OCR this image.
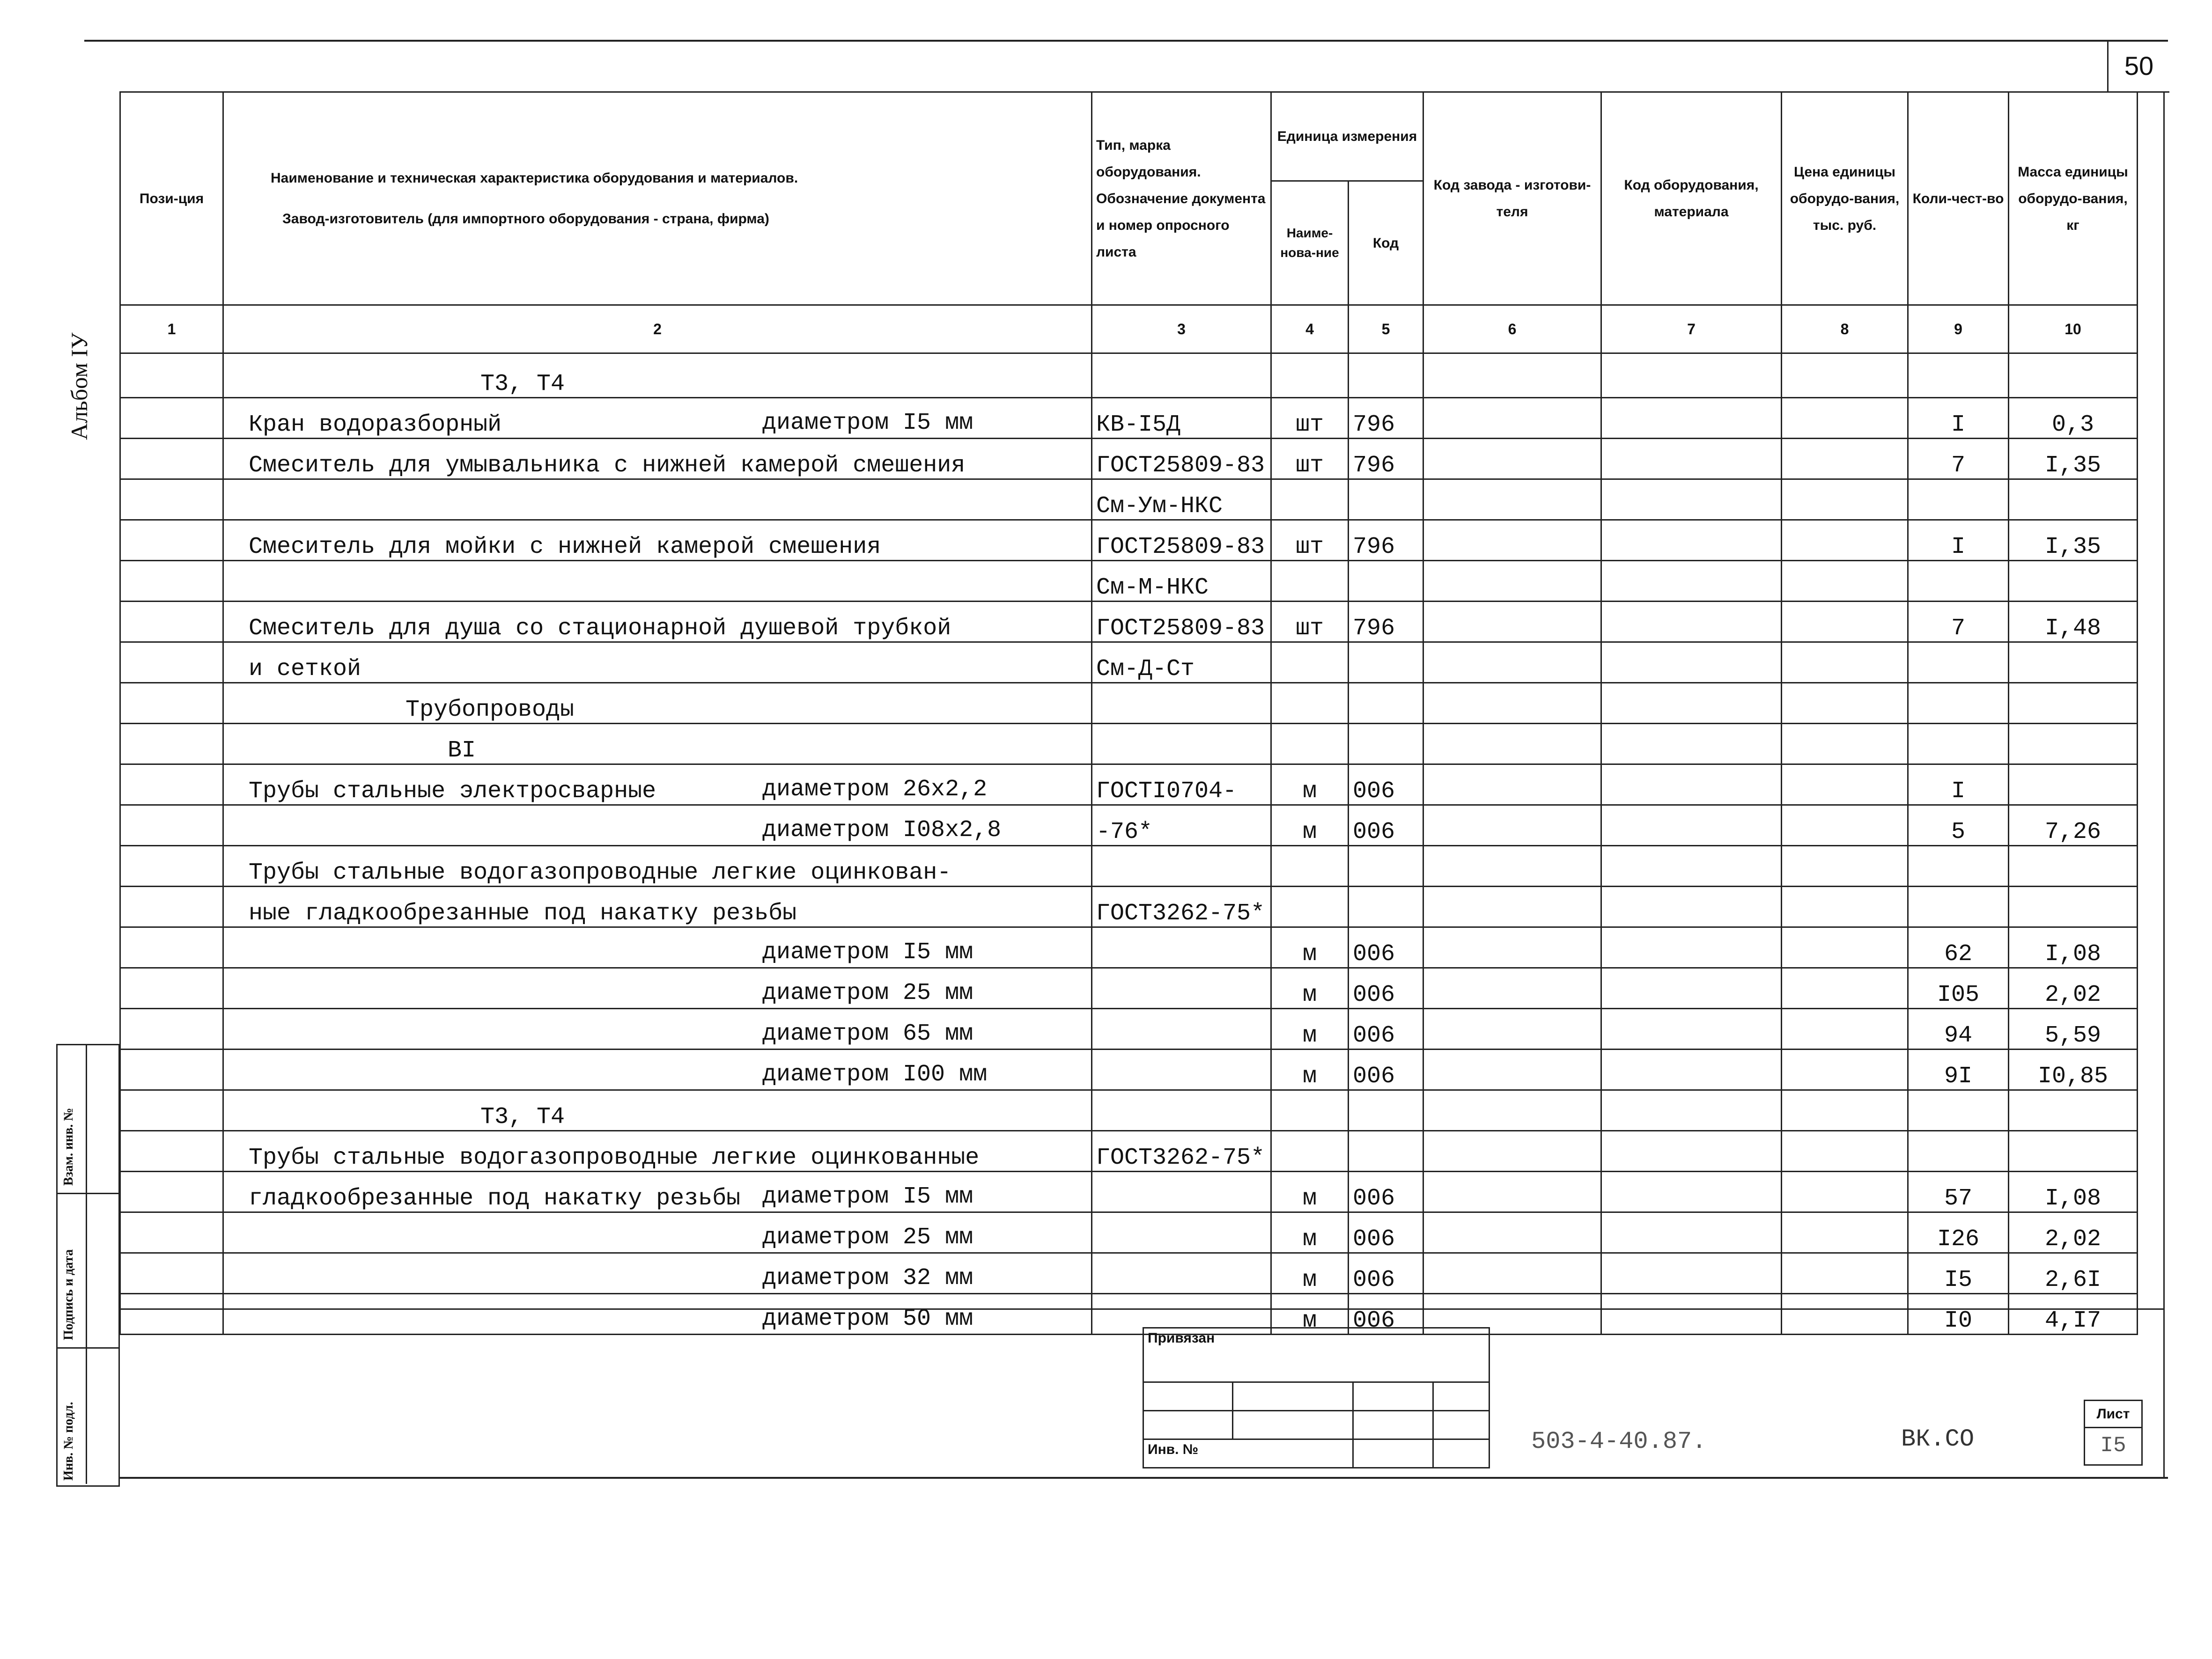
50
Альбом IУ
Пози-ция	Наименование и техническая характеристика оборудования и материалов.
Завод-изготовитель (для импортного оборудования - страна, фирма)	Тип, марка оборудования. Обозначение документа и номер опросного листа	Единица измерения		Код завода - изготови-теля	Код оборудования, материала	Цена единицы оборудо-вания, тыс. руб.	Коли-чест-во	Масса единицы оборудо-вания, кг
			Наиме-нова-ние	Код					
1	2	3	4	5	6	7	8	9	10
	Т3, Т4								
	Кран водоразборный диаметром I5 мм	КВ-I5Д	шт	796				I	0,3
	Смеситель для умывальника с нижней камерой смешения	ГОСТ25809-83	шт	796				7	I,35
		См-Ум-НКС							
	Смеситель для мойки с нижней камерой смешения	ГОСТ25809-83	шт	796				I	I,35
		См-М-НКС							
	Смеситель для душа со стационарной душевой трубкой	ГОСТ25809-83	шт	796				7	I,48
	и сеткой	См-Д-Ст							
	Трубопроводы								
	ВI								
	Трубы стальные электросварные диаметром 26х2,2	ГОСТI0704-	м	006				I	

	диаметром I08х2,8	-76*	м	006				5	7,26
	Трубы стальные водогазопроводные легкие оцинкован-								
	ные гладкообрезанные под накатку резьбы	ГОСТ3262-75*							

	диаметром I5 мм		м	006				62	I,08

	диаметром 25 мм		м	006				I05	2,02

	диаметром 65 мм		м	006				94	5,59

	диаметром I00 мм		м	006				9I	I0,85
	Т3, Т4								
	Трубы стальные водогазопроводные легкие оцинкованные	ГОСТ3262-75*							
	гладкообрезанные под накатку резьбы диаметром I5 мм		м	006				57	I,08

	диаметром 25 мм		м	006				I26	2,02

	диаметром 32 мм		м	006				I5	2,6I

	диаметром 50 мм		м	006				I0	4,I7
Взам. инв. №
Подпись и дата
Инв. № подл.
Привязан			

Инв. №				503-4-40.87.	ВК.СО
Лист
I5
